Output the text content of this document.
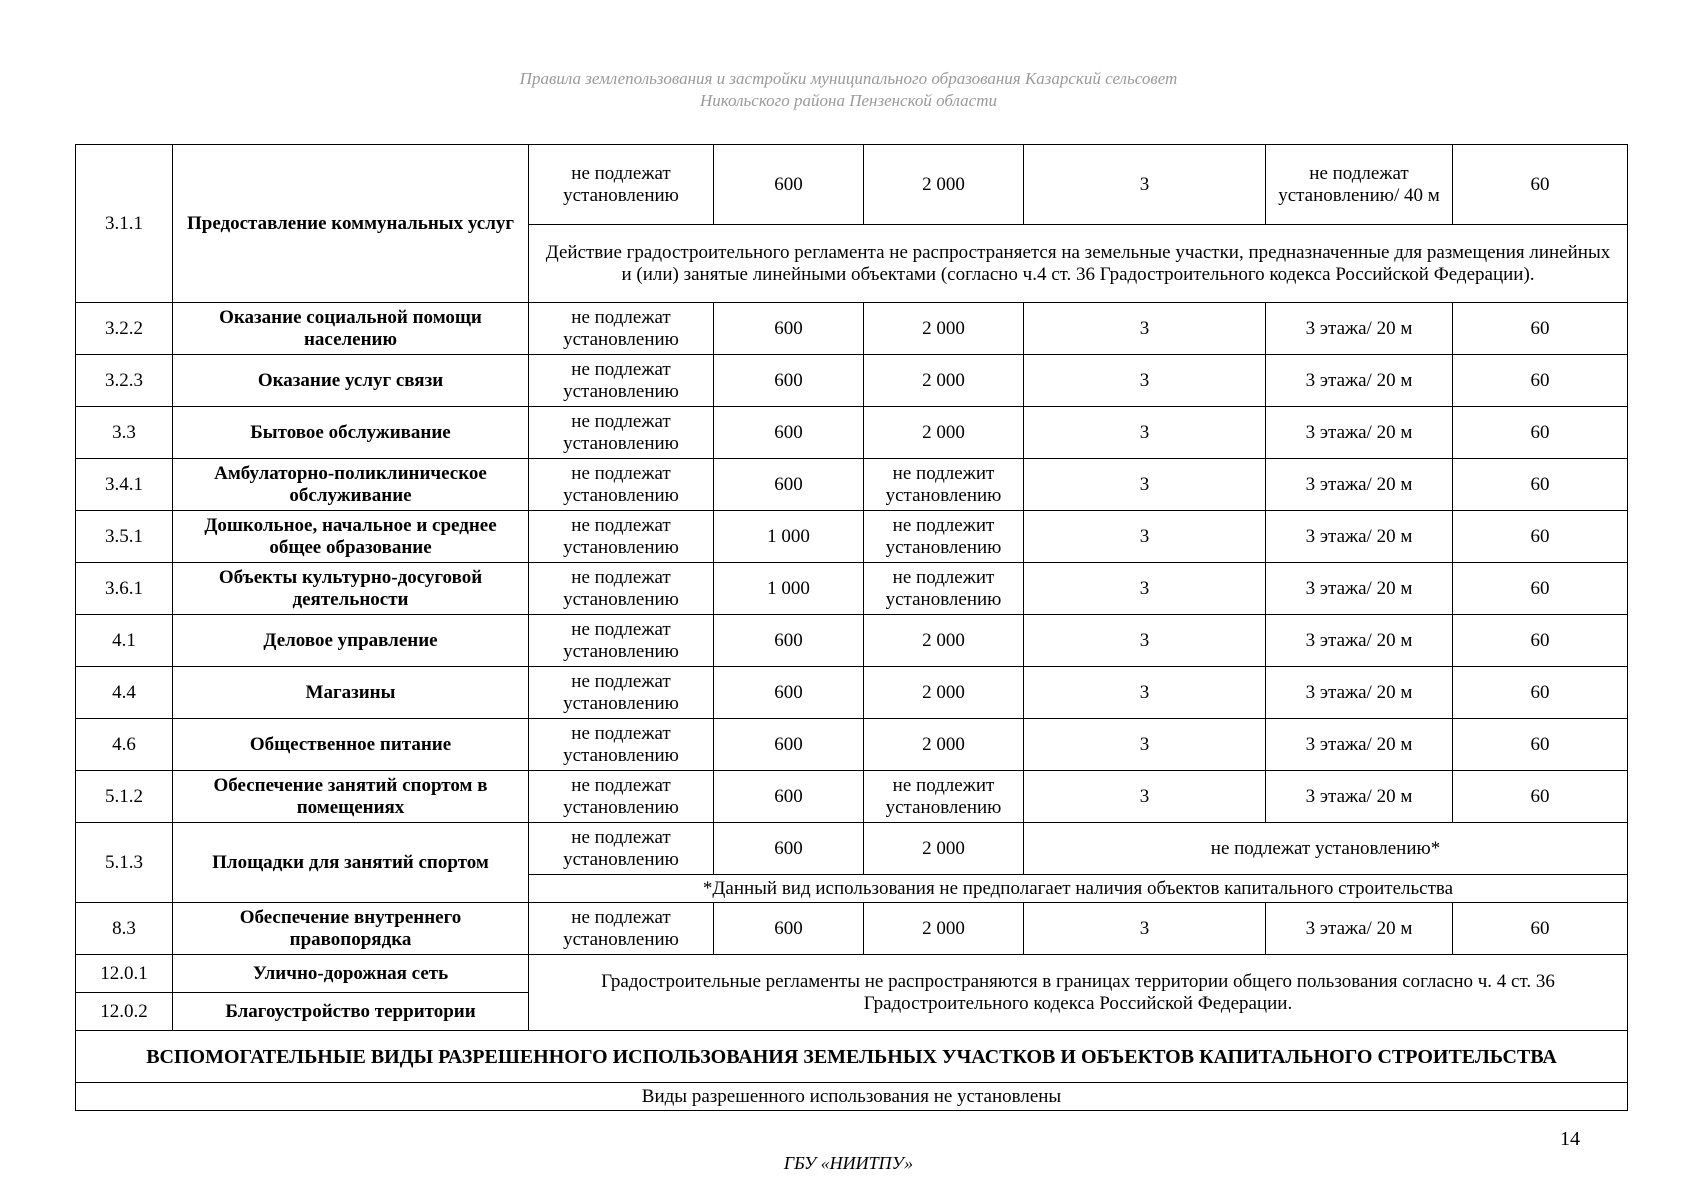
Правила землепользования и застройки муниципального образования Казарский сельсовет
Никольского района Пензенской области
3.1.1	Предоставление коммунальных услуг	не подлежат установлению	600	2 000	3	не подлежат установлению/ 40 м	60
		Действие градостроительного регламента не распространяется на земельные участки, предназначенные для размещения линейных и (или) занятые линейными объектами (согласно ч.4 ст. 36 Градостроительного кодекса Российской Федерации).					
3.2.2	Оказание социальной помощи населению	не подлежат установлению	600	2 000	3	3 этажа/ 20 м	60
3.2.3	Оказание услуг связи	не подлежат установлению	600	2 000	3	3 этажа/ 20 м	60
3.3	Бытовое обслуживание	не подлежат установлению	600	2 000	3	3 этажа/ 20 м	60
3.4.1	Амбулаторно-поликлиническое обслуживание	не подлежат установлению	600	не подлежит установлению	3	3 этажа/ 20 м	60
3.5.1	Дошкольное, начальное и среднее общее образование	не подлежат установлению	1 000	не подлежит установлению	3	3 этажа/ 20 м	60
3.6.1	Объекты культурно-досуговой деятельности	не подлежат установлению	1 000	не подлежит установлению	3	3 этажа/ 20 м	60
4.1	Деловое управление	не подлежат установлению	600	2 000	3	3 этажа/ 20 м	60
4.4	Магазины	не подлежат установлению	600	2 000	3	3 этажа/ 20 м	60
4.6	Общественное питание	не подлежат установлению	600	2 000	3	3 этажа/ 20 м	60
5.1.2	Обеспечение занятий спортом в помещениях	не подлежат установлению	600	не подлежит установлению	3	3 этажа/ 20 м	60
5.1.3	Площадки для занятий спортом	не подлежат установлению	600	2 000	не подлежат установлению*		
		*Данный вид использования не предполагает наличия объектов капитального строительства					
8.3	Обеспечение внутреннего правопорядка	не подлежат установлению	600	2 000	3	3 этажа/ 20 м	60
12.0.1	Улично-дорожная сеть	Градостроительные регламенты не распространяются в границах территории общего пользования согласно ч. 4 ст. 36 Градостроительного кодекса Российской Федерации.					
12.0.2	Благоустройство территории						
ВСПОМОГАТЕЛЬНЫЕ ВИДЫ РАЗРЕШЕННОГО ИСПОЛЬЗОВАНИЯ ЗЕМЕЛЬНЫХ УЧАСТКОВ И ОБЪЕКТОВ КАПИТАЛЬНОГО СТРОИТЕЛЬСТВА							
Виды разрешенного использования не установлены							
14
ГБУ «НИИТПУ»
